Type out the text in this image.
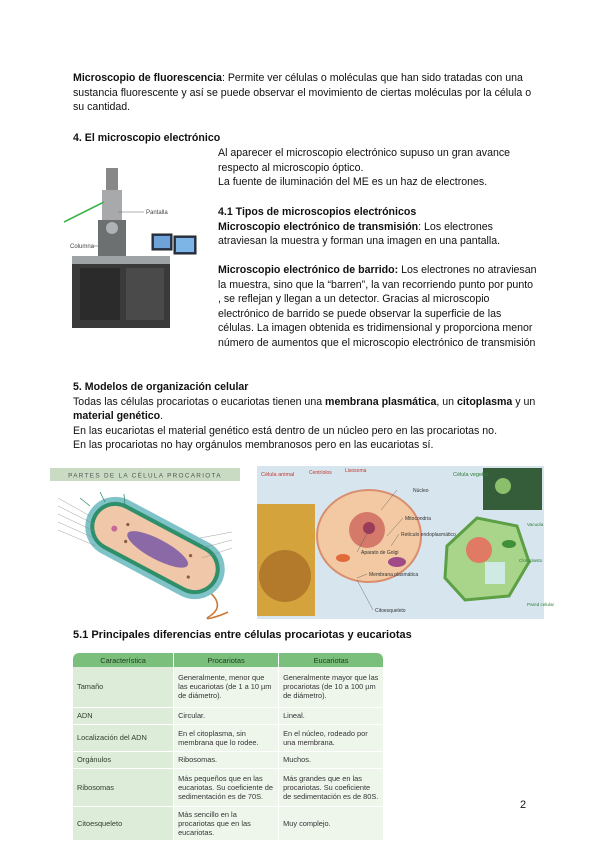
Microscopio de fluorescencia: Permite ver células o moléculas que han sido tratadas con una sustancia fluorescente y así se puede observar el movimiento de ciertas moléculas por la célula o su cantidad.

4. El microscopio electrónico

Al aparecer el microscopio electrónico supuso un gran avance respecto al microscopio óptico.

La fuente de iluminación del ME es un haz de electrones.

Pantalla
Columna

4.1 Tipos de microscopios electrónicos

Microscopio electrónico de transmisión: Los electrones atraviesan la muestra y forman una imagen en una pantalla.

Microscopio electrónico de barrido: Los electrones no atraviesan la muestra, sino que la “barren”, la van recorriendo punto por punto , se reflejan y llegan a un detector. Gracias al microscopio electrónico de barrido se puede observar la superficie de las células. La imagen obtenida es tridimensional y proporciona menor número de aumentos que el microscopio electrónico de transmisión

5. Modelos de organización celular

Todas las células procariotas o eucariotas tienen una membrana plasmática, un citoplasma y un material genético.

En las eucariotas el material genético está dentro de un núcleo pero en las procariotas no.

En las procariotas no hay orgánulos membranosos pero en las eucariotas sí.

PARTES DE LA CÉLULA PROCARIOTA	Célula animal	Célula vegetal
Centríolos	Lisosoma
Núcleo
Mitocondria
Retículo endoplasmático
Aparato de Golgi
Membrana plasmática
Citoesqueleto
Pared celular
Cloroplasto
Vacuola

5.1 Principales diferencias entre células procariotas y eucariotas

Característica	Procariotas	Eucariotas
Tamaño	Generalmente, menor que las eucariotas (de 1 a 10 µm de diámetro).	Generalmente mayor que las procariotas (de 10 a 100 µm de diámetro).
ADN	Circular.	Lineal.
Localización del ADN	En el citoplasma, sin membrana que lo rodee.	En el núcleo, rodeado por una membrana.
Orgánulos	Ribosomas.	Muchos.
Ribosomas	Más pequeños que en las eucariotas. Su coeficiente de sedimentación es de 70S.	Más grandes que en las procariotas. Su coeficiente de sedimentación es de 80S.
Citoesqueleto	Más sencillo en la procariotas que en las eucariotas.	Muy complejo.

2
